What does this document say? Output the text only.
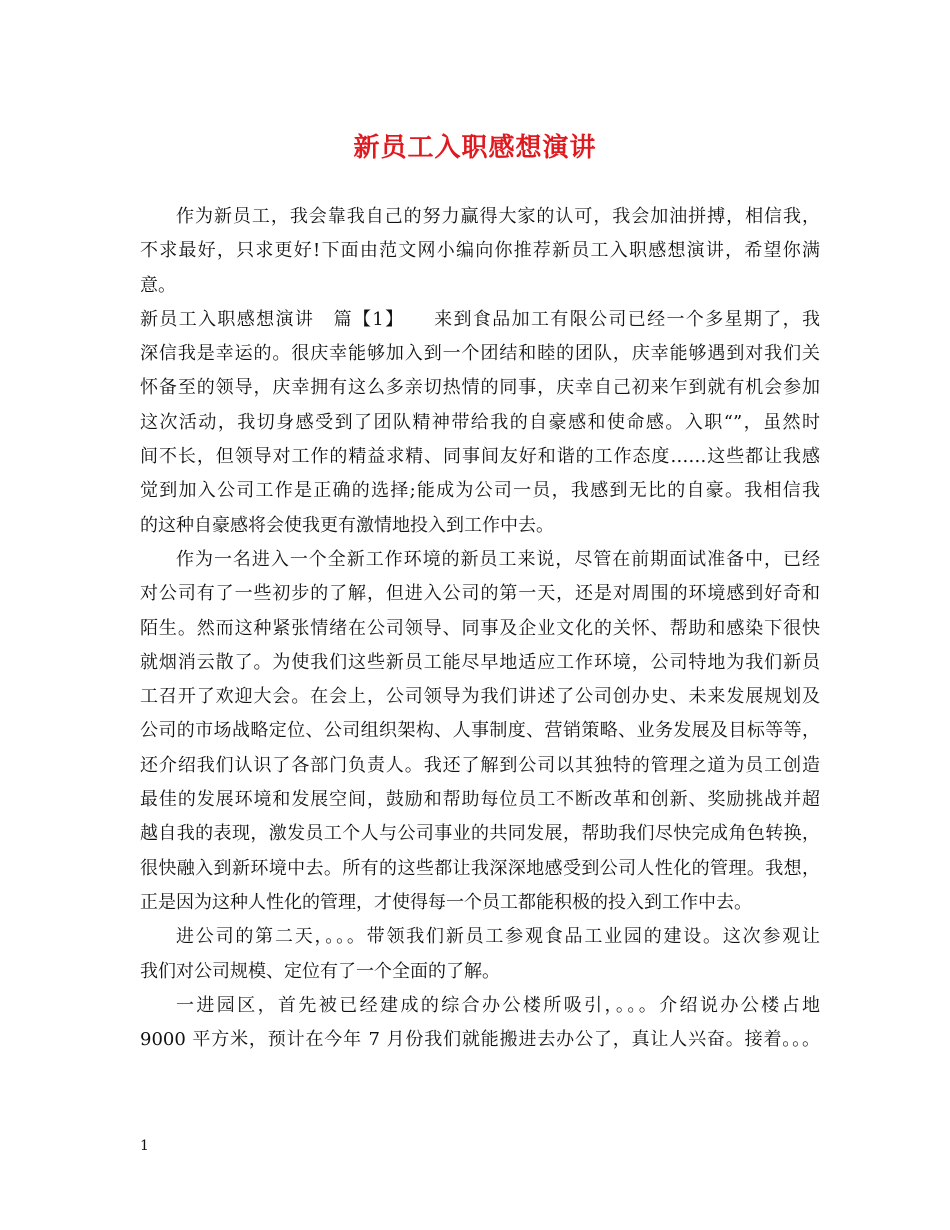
新员工入职感想演讲
作为新员工，我会靠我自己的努力赢得大家的认可，我会加油拼搏，相信我，
不求最好，只求更好!下面由范文网小编向你推荐新员工入职感想演讲，希望你满
意。
新员工入职感想演讲　篇【1】　　来到食品加工有限公司已经一个多星期了，我
深信我是幸运的。很庆幸能够加入到一个团结和睦的团队，庆幸能够遇到对我们关
怀备至的领导，庆幸拥有这么多亲切热情的同事，庆幸自己初来乍到就有机会参加
这次活动，我切身感受到了团队精神带给我的自豪感和使命感。入职“”，虽然时
间不长，但领导对工作的精益求精、同事间友好和谐的工作态度……这些都让我感
觉到加入公司工作是正确的选择;能成为公司一员，我感到无比的自豪。我相信我
的这种自豪感将会使我更有激情地投入到工作中去。
作为一名进入一个全新工作环境的新员工来说，尽管在前期面试准备中，已经
对公司有了一些初步的了解，但进入公司的第一天，还是对周围的环境感到好奇和
陌生。然而这种紧张情绪在公司领导、同事及企业文化的关怀、帮助和感染下很快
就烟消云散了。为使我们这些新员工能尽早地适应工作环境，公司特地为我们新员
工召开了欢迎大会。在会上，公司领导为我们讲述了公司创办史、未来发展规划及
公司的市场战略定位、公司组织架构、人事制度、营销策略、业务发展及目标等等，
还介绍我们认识了各部门负责人。我还了解到公司以其独特的管理之道为员工创造
最佳的发展环境和发展空间，鼓励和帮助每位员工不断改革和创新、奖励挑战并超
越自我的表现，激发员工个人与公司事业的共同发展，帮助我们尽快完成角色转换，
很快融入到新环境中去。所有的这些都让我深深地感受到公司人性化的管理。我想，
正是因为这种人性化的管理，才使得每一个员工都能积极的投入到工作中去。
进公司的第二天，。。。带领我们新员工参观食品工业园的建设。这次参观让
我们对公司规模、定位有了一个全面的了解。
一进园区，首先被已经建成的综合办公楼所吸引，。。。介绍说办公楼占地
9000 平方米，预计在今年 7 月份我们就能搬进去办公了，真让人兴奋。接着。。。
1
